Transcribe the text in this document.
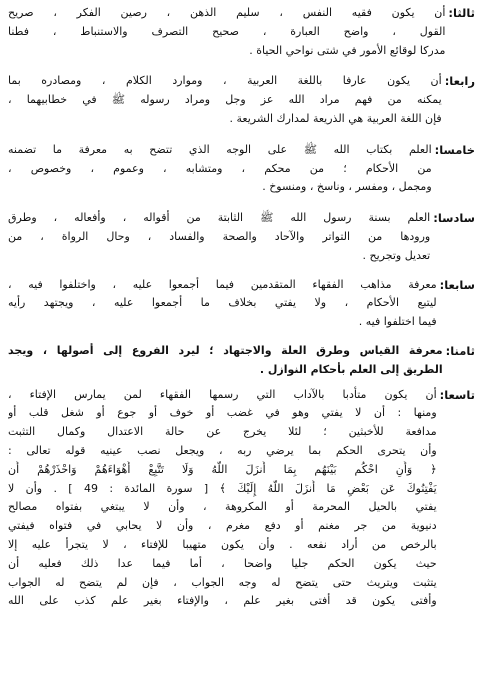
ثالثا:
أن يكون فقيه النفس ، سليم الذهن ، رصين الفكر ، صريح
القول ، واضح العبارة ، صحيح التصرف والاستنباط ، فطنا
مدركا لوقائع الأمور في شتى نواحي الحياة .
رابعا:
أن يكون عارفا باللغة العربية ، وموارد الكلام ، ومصادره بما
يمكنه من فهم مراد الله عز وجل ومراد رسوله ﷺ في خطابيهما ،
فإن اللغة العربية هي الذريعة لمدارك الشريعة .
خامسا:
العلم بكتاب الله ﷺ على الوجه الذي تتضح به معرفة ما تضمنه
من الأحكام ؛ من محكم ، ومتشابه ، وعموم ، وخصوص ،
ومجمل ، ومفسر ، وناسخ ، ومنسوخ .
سادسا:
العلم بسنة رسول الله ﷺ الثابتة من أقواله ، وأفعاله ، وطرق
ورودها من التواتر والآحاد والصحة والفساد ، وحال الرواة ، من
تعديل وتجريح .
سابعا:
معرفة مذاهب الفقهاء المتقدمين فيما أجمعوا عليه ، واختلفوا فيه ،
ليتبع الأحكام ، ولا يفتي بخلاف ما أجمعوا عليه ، ويجتهد رأيه
فيما اختلفوا فيه .
ثامنا:
معرفة القياس وطرق العلة والاجتهاد ؛ ليرد الفروع إلى أصولها ، ويجد
الطريق إلى العلم بأحكام النوازل .
تاسعا:
أن يكون متأدبا بالآداب التي رسمها الفقهاء لمن يمارس الإفتاء ،
ومنها : أن لا يفتي وهو في غضب أو خوف أو جوع أو شغل قلب أو
مدافعة للأخبثين ؛ لئلا يخرج عن حالة الاعتدال وكمال التثبت
وأن يتحرى الحكم بما يرضي ربه ، ويجعل نصب عينيه قوله تعالى :
﴿ وَأَنِ احْكُم بَيْنَهُم بِمَا أَنزَلَ اللَّهُ وَلَا تَتَّبِعْ أَهْوَاءَهُمْ وَاحْذَرْهُمْ أَن
يَفْتِنُوكَ عَن بَعْضِ مَا أَنزَلَ اللَّهُ إِلَيْكَ ﴾ [ سورة المائدة : 49 ] . وأن لا
يفتي بالحيل المحرمة أو المكروهة ، وأن لا يبتغي بفتواه مصالح
دنيوية من جر مغنم أو دفع مغرم ، وأن لا يحابي في فتواه فيفتي
بالرخص من أراد نفعه . وأن يكون متهيبا للإفتاء ، لا يتجرأ عليه إلا
حيث يكون الحكم جليا واضحا ، أما فيما عدا ذلك فعليه أن
يتثبت ويتريث حتى يتضح له وجه الجواب ، فإن لم يتضح له الجواب
وأفتى يكون قد أفتى بغير علم ، والإفتاء بغير علم كذب على الله
